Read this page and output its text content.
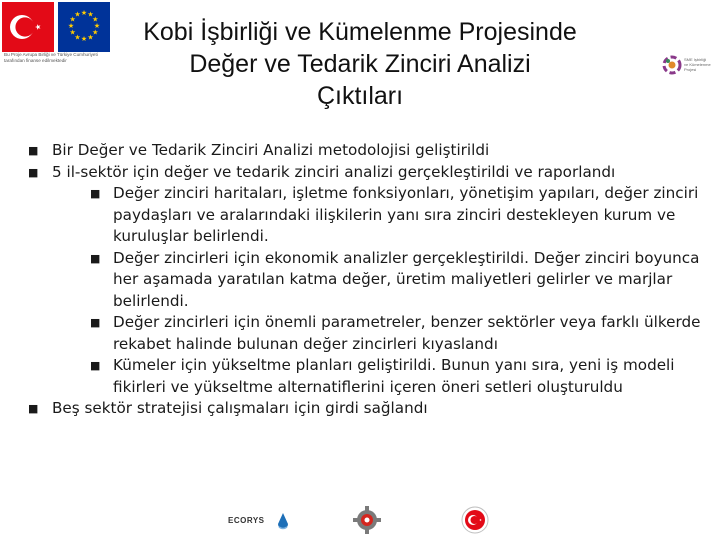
★ ★
★
★
★
★
★
★
★
★
★
★
Bu Proje Avrupa Birliği ve Türkiye Cumhuriyeti
tarafından finanse edilmektedir
Kobi İşbirliği ve Kümelenme Projesinde
Değer ve Tedarik Zinciri Analizi
Çıktıları
SME Işbirliği
ve Kümelenme
Projesi

■ Bir Değer ve Tedarik Zinciri Analizi metodolojisi geliştirildi

■ 5 il-sektör için değer ve tedarik zinciri analizi gerçekleştirildi ve raporlandı

■ Değer zinciri haritaları, işletme fonksiyonları, yönetişim yapıları, değer zinciri paydaşları ve aralarındaki ilişkilerin yanı sıra zinciri destekleyen kurum ve kuruluşlar belirlendi.

■ Değer zincirleri için ekonomik analizler gerçekleştirildi. Değer zinciri boyunca her aşamada yaratılan katma değer, üretim maliyetleri gelirler ve marjlar belirlendi.

■ Değer zincirleri için önemli parametreler, benzer sektörler veya farklı ülkerde rekabet halinde bulunan değer zincirleri kıyaslandı

■ Kümeler için yükseltme planları geliştirildi. Bunun yanı sıra, yeni iş modeli fikirleri ve yükseltme alternatiflerini içeren öneri setleri oluşturuldu

■ Beş sektör stratejisi çalışmaları için girdi sağlandı

ECORYS
